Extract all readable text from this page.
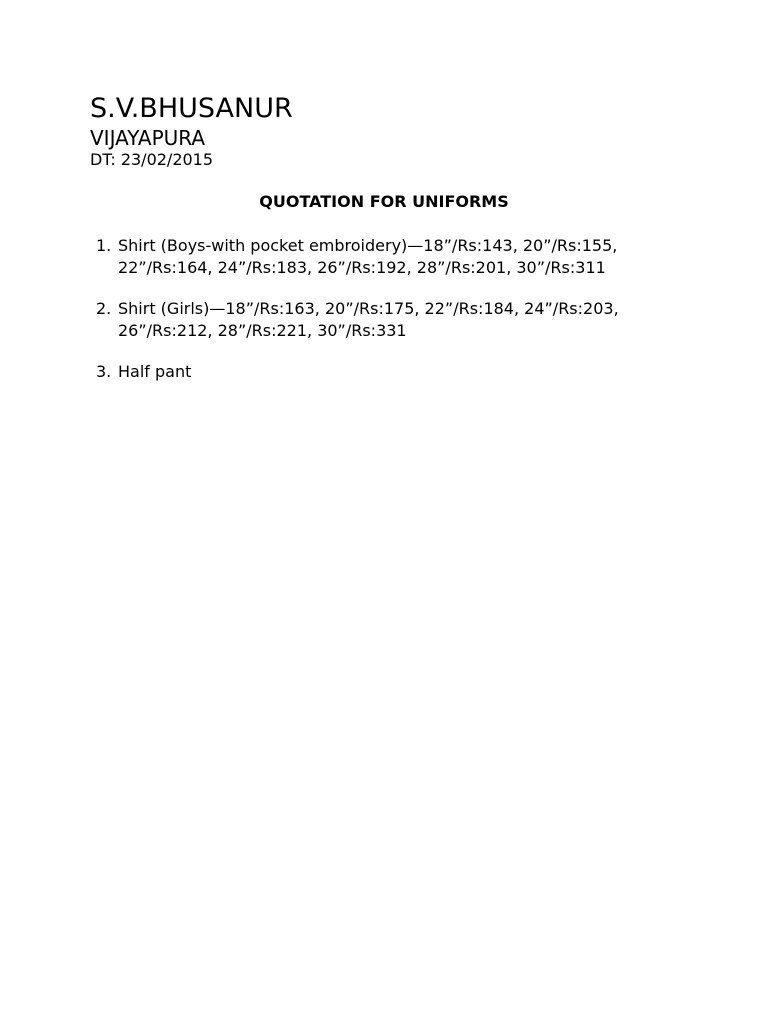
S.V.BHUSANUR
VIJAYAPURA
DT: 23/02/2015
QUOTATION FOR UNIFORMS
1. Shirt (Boys-with pocket embroidery)—18”/Rs:143, 20”/Rs:155,
22”/Rs:164, 24”/Rs:183, 26”/Rs:192, 28”/Rs:201, 30”/Rs:311
2. Shirt (Girls)—18”/Rs:163, 20”/Rs:175, 22”/Rs:184, 24”/Rs:203,
26”/Rs:212, 28”/Rs:221, 30”/Rs:331
3. Half pant
